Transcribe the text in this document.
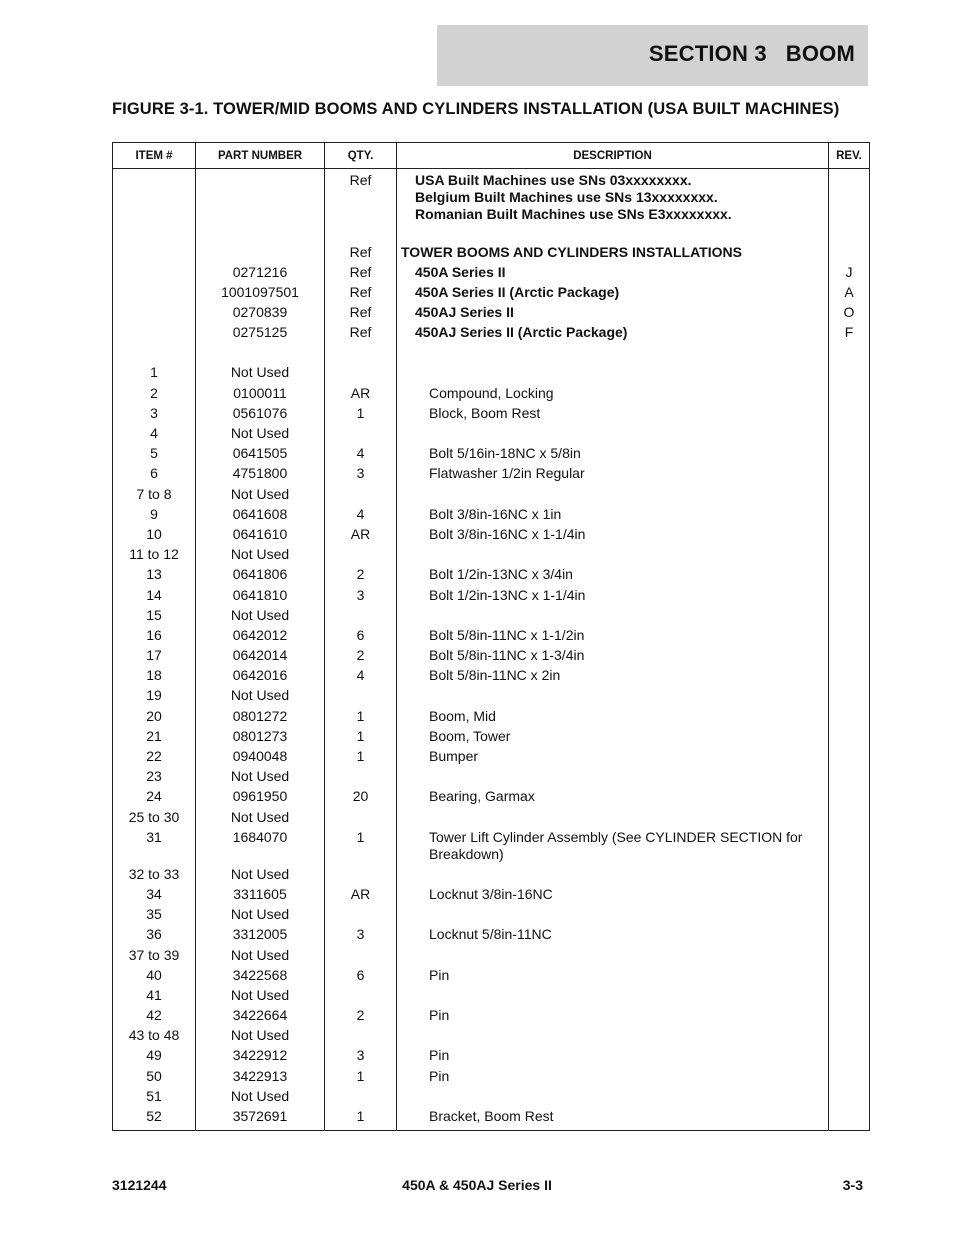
SECTION 3   BOOM
FIGURE 3-1. TOWER/MID BOOMS AND CYLINDERS INSTALLATION (USA BUILT MACHINES)
ITEM #	PART NUMBER	QTY.	DESCRIPTION	REV.
		Ref	USA Built Machines use SNs 03xxxxxxxx.
Belgium Built Machines use SNs 13xxxxxxxx.
Romanian Built Machines use SNs E3xxxxxxxx.	

		Ref	TOWER BOOMS AND CYLINDERS INSTALLATIONS	
	0271216	Ref	450A Series II	J
	1001097501	Ref	450A Series II (Arctic Package)	A
	0270839	Ref	450AJ Series II	O
	0275125	Ref	450AJ Series II (Arctic Package)	F

1	Not Used		

2	0100011	AR	Compound, Locking	

3	0561076	1	Block, Boom Rest	

4	Not Used		

5	0641505	4	Bolt 5/16in-18NC x 5/8in	

6	4751800	3	Flatwasher 1/2in Regular	

7 to 8	Not Used		

9	0641608	4	Bolt 3/8in-16NC x 1in	

10	0641610	AR	Bolt 3/8in-16NC x 1-1/4in	

11 to 12	Not Used		

13	0641806	2	Bolt 1/2in-13NC x 3/4in	

14	0641810	3	Bolt 1/2in-13NC x 1-1/4in	

15	Not Used		

16	0642012	6	Bolt 5/8in-11NC x 1-1/2in	

17	0642014	2	Bolt 5/8in-11NC x 1-3/4in	

18	0642016	4	Bolt 5/8in-11NC x 2in	

19	Not Used		

20	0801272	1	Boom, Mid	

21	0801273	1	Boom, Tower	

22	0940048	1	Bumper	

23	Not Used		

24	0961950	20	Bearing, Garmax	

25 to 30	Not Used		

31	1684070	1	Tower Lift Cylinder Assembly (See CYLINDER SECTION for Breakdown)	

32 to 33	Not Used		

34	3311605	AR	Locknut 3/8in-16NC	

35	Not Used		

36	3312005	3	Locknut 5/8in-11NC	

37 to 39	Not Used		

40	3422568	6	Pin	

41	Not Used		

42	3422664	2	Pin	

43 to 48	Not Used		

49	3422912	3	Pin	

50	3422913	1	Pin	

51	Not Used		

52	3572691	1	Bracket, Boom Rest	

3121244	450A & 450AJ Series II	3-3
